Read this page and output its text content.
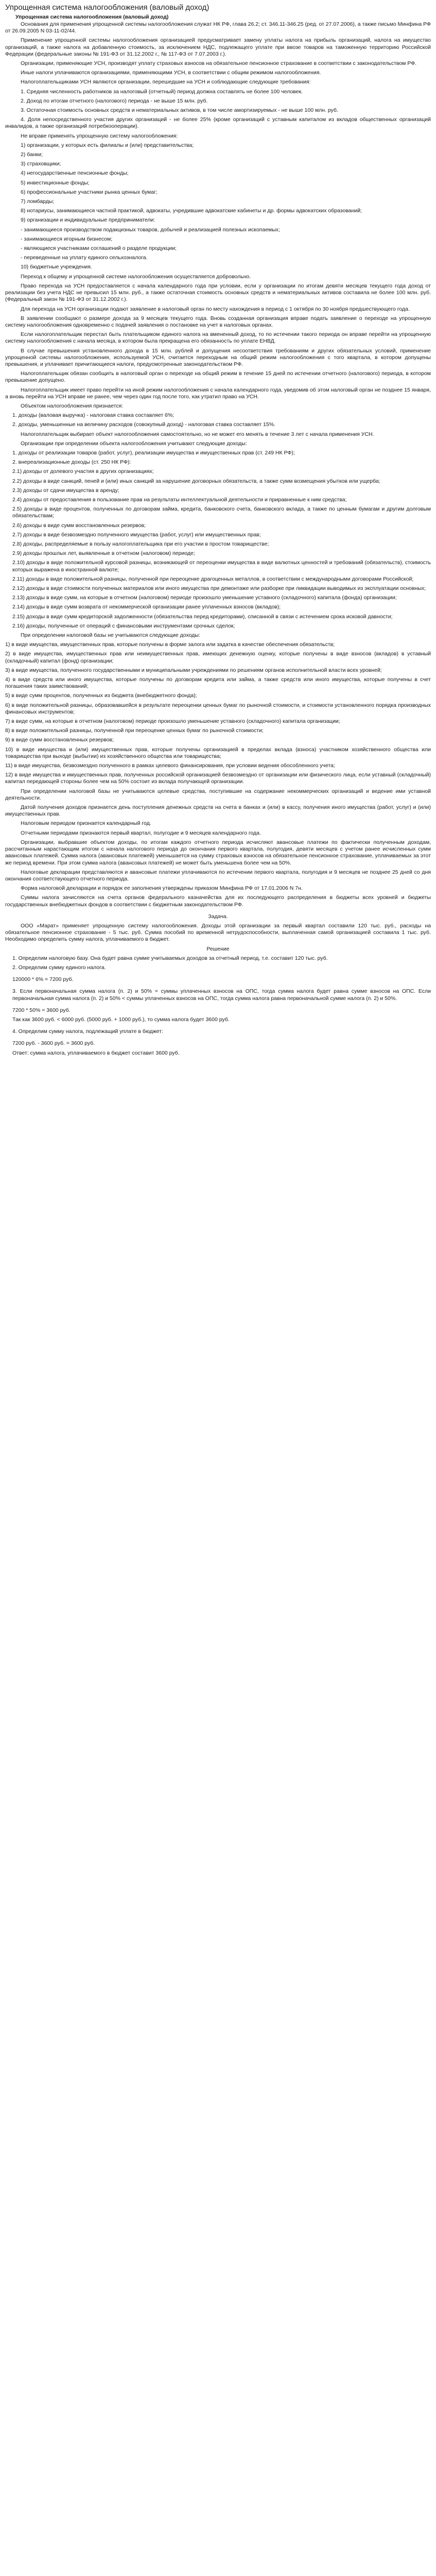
Упрощенная система налогообложения (валовый доход)
Упрощенная система налогообложения (валовый доход)

Основания для применения упрощенной системы налогообложения служат НК РФ, глава 26.2; ст. 346.11-346.25 (ред. от 27.07.2006), а также письмо Минфина РФ от 26.09.2005 N 03-11-02/44.

Применение упрощенной системы налогообложения организацией предусматривает замену уплаты налога на прибыль организаций, налога на имущество организаций, а также налога на добавленную стоимость, за исключением НДС, подлежащего уплате при ввозе товаров на таможенную территорию Российской Федерации (федеральные законы № 191-ФЗ от 31.12.2002 г., № 117-ФЗ от 7.07.2003 г.).

Организации, применяющие УСН, производят уплату страховых взносов на обязательное пенсионное страхование в соответствии с законодательством РФ.

Иные налоги уплачиваются организациями, применяющими УСН, в соответствии с общим режимом налогообложения.

Налогоплательщиками УСН являются организации, перешедшие на УСН и соблюдающие следующие требования:

1. Средняя численность работников за налоговый (отчетный) период должна составлять не более 100 человек.

2. Доход по итогам отчетного (налогового) периода - не выше 15 млн. руб.

3. Остаточная стоимость основных средств и нематериальных активов, в том числе амортизируемых - не выше 100 млн. руб.

4. Доля непосредственного участия других организаций - не более 25% (кроме организаций с уставным капиталом из вкладов общественных организаций инвалидов, а также организаций потребкооперации).

Не вправе применять упрощенную систему налогообложения:

1) организации, у которых есть филиалы и (или) представительства;

2) банки;

3) страховщики;

4) негосударственные пенсионные фонды;

5) инвестиционные фонды;

6) профессиональные участники рынка ценных бумаг;

7) ломбарды;

8) нотариусы, занимающиеся частной практикой, адвокаты, учредившие адвокатские кабинеты и др. формы адвокатских образований;

9) организации и индивидуальные предприниматели:

- занимающиеся производством подакцизных товаров, добычей и реализацией полезных ископаемых;

- занимающиеся игорным бизнесом;

- являющиеся участниками соглашений о разделе продукции;

- переведенные на уплату единого сельхозналога.

10) бюджетные учреждения.

Переход к общему и упрощенной системе налогообложения осуществляется добровольно.

Право перехода на УСН предоставляется с начала календарного года при условии, если у организации по итогам девяти месяцев текущего года доход от реализации без учета НДС не превысил 15 млн. руб., а также остаточная стоимость основных средств и нематериальных активов составила не более 100 млн. руб. (Федеральный закон № 191-ФЗ от 31.12.2002 г.).

Для перехода на УСН организации подают заявление в налоговый орган по месту нахождения в период с 1 октября по 30 ноября предшествующего года.

В заявлении сообщают о размере дохода за 9 месяцев текущего года. Вновь созданная организация вправе подать заявление о переходе на упрощенную систему налогообложения одновременно с подачей заявления о постановке на учет в налоговых органах.

Если налогоплательщик перестал быть плательщиком единого налога на вмененный доход, то по истечении такого периода он вправе перейти на упрощенную систему налогообложения с начала месяца, в котором была прекращена его обязанность по уплате ЕНВД.

В случае превышения установленного дохода в 15 млн. рублей и допущения несоответствия требованиям и других обязательных условий, применение упрощенной системы налогообложения, используемой УСН, считается переходным на общий режим налогообложения с того квартала, в котором допущены превышения, и уплачивает причитающиеся налоги, предусмотренные законодательством РФ.

Налогоплательщик обязан сообщить в налоговый орган о переходе на общий режим в течение 15 дней по истечении отчетного (налогового) периода, в котором превышение допущено.

Налогоплательщик имеет право перейти на иной режим налогообложения с начала календарного года, уведомив об этом налоговый орган не позднее 15 января, а вновь перейти на УСН вправе не ранее, чем через один год после того, как утратил право на УСН.

Объектом налогообложения признается:

1. доходы (валовая выручка) - налоговая ставка составляет 6%;

2. доходы, уменьшенные на величину расходов (совокупный доход) - налоговая ставка составляет 15%.

Налогоплательщик выбирает объект налогообложения самостоятельно, но не может его менять в течение 3 лет с начала применения УСН.

Организации при определении объекта налогообложения учитывают следующие доходы:

1. доходы от реализации товаров (работ, услуг), реализации имущества и имущественных прав (ст. 249 НК РФ);

2. внереализационные доходы (ст. 250 НК РФ):

2.1) доходы от долевого участия в других организациях;

2.2) доходы в виде санкций, пеней и (или) иных санкций за нарушение договорных обязательств, а также сумм возмещения убытков или ущерба;

2.3) доходы от сдачи имущества в аренду;

2.4) доходы от предоставления в пользование прав на результаты интеллектуальной деятельности и приравненные к ним средства;

2.5) доходы в виде процентов, полученных по договорам займа, кредита, банковского счета, банковского вклада, а также по ценным бумагам и другим долговым обязательствам;

2.6) доходы в виде сумм восстановленных резервов;

2.7) доходы в виде безвозмездно полученного имущества (работ, услуг) или имущественных прав;

2.8) доходы, распределяемые в пользу налогоплательщика при его участии в простом товариществе;

2.9) доходы прошлых лет, выявленные в отчетном (налоговом) периоде;

2.10) доходы в виде положительной курсовой разницы, возникающей от переоценки имущества в виде валютных ценностей и требований (обязательств), стоимость которых выражена в иностранной валюте;

2.11) доходы в виде положительной разницы, полученной при переоценке драгоценных металлов, в соответствии с международными договорами Российской;

2.12) доходы в виде стоимости полученных материалов или иного имущества при демонтаже или разборке при ликвидации выводимых из эксплуатации основных;

2.13) доходы в виде сумм, на которые в отчетном (налоговом) периоде произошло уменьшение уставного (складочного) капитала (фонда) организации;

2.14) доходы в виде сумм возврата от некоммерческой организации ранее уплаченных взносов (вкладов);

2.15) доходы в виде сумм кредиторской задолженности (обязательства перед кредиторами), списанной в связи с истечением срока исковой давности;

2.16) доходы, полученные от операций с финансовыми инструментами срочных сделок;

При определении налоговой базы не учитываются следующие доходы:

1) в виде имущества, имущественных прав, которые получены в форме залога или задатка в качестве обеспечения обязательств;

2) в виде имущества, имущественных прав или неимущественных прав, имеющих денежную оценку, которые получены в виде взносов (вкладов) в уставный (складочный) капитал (фонд) организации;

3) в виде имущества, полученного государственными и муниципальными учреждениями по решениям органов исполнительной власти всех уровней;

4) в виде средств или иного имущества, которые получены по договорам кредита или займа, а также средств или иного имущества, которые получены в счет погашения таких заимствований;

5) в виде сумм процентов, полученных из бюджета (внебюджетного фонда);

6) в виде положительной разницы, образовавшейся в результате переоценки ценных бумаг по рыночной стоимости, и стоимости установленного порядка производных финансовых инструментов;

7) в виде сумм, на которые в отчетном (налоговом) периоде произошло уменьшение уставного (складочного) капитала организации;

8) в виде положительной разницы, полученной при переоценке ценных бумаг по рыночной стоимости;

9) в виде сумм восстановленных резервов;

10) в виде имущества и (или) имущественных прав, которые получены организацией в пределах вклада (взноса) участником хозяйственного общества или товарищества при выходе (выбытии) из хозяйственного общества или товарищества;

11) в виде имущества, безвозмездно полученного в рамках целевого финансирования, при условии ведения обособленного учета;

12) в виде имущества и имущественных прав, полученных российской организацией безвозмездно от организации или физического лица, если уставный (складочный) капитал передающей стороны более чем на 50% состоит из вклада получающей организации.

При определении налоговой базы не учитываются целевые средства, поступившие на содержание некоммерческих организаций и ведение ими уставной деятельности.

Датой получения доходов признается день поступления денежных средств на счета в банках и (или) в кассу, получения иного имущества (работ, услуг) и (или) имущественных прав.

Налоговым периодом признается календарный год.

Отчетными периодами признаются первый квартал, полугодие и 9 месяцев календарного года.

Организации, выбравшие объектом доходы, по итогам каждого отчетного периода исчисляют авансовые платежи по фактически полученным доходам, рассчитанным нарастающим итогом с начала налогового периода до окончания первого квартала, полугодия, девяти месяцев с учетом ранее исчисленных сумм авансовых платежей. Сумма налога (авансовых платежей) уменьшается на сумму страховых взносов на обязательное пенсионное страхование, уплачиваемых за этот же период времени. При этом сумма налога (авансовых платежей) не может быть уменьшена более чем на 50%.

Налоговые декларации представляются и авансовые платежи уплачиваются по истечении первого квартала, полугодия и 9 месяцев не позднее 25 дней со дня окончания соответствующего отчетного периода.

Форма налоговой декларации и порядок ее заполнения утверждены приказом Минфина РФ от 17.01.2006 N 7н.

Суммы налога зачисляются на счета органов федерального казначейства для их последующего распределения в бюджеты всех уровней и бюджеты государственных внебюджетных фондов в соответствии с бюджетным законодательством РФ.

Задача.

ООО «Марат» применяет упрощенную систему налогообложения. Доходы этой организации за первый квартал составили 120 тыс. руб., расходы на обязательное пенсионное страхование - 5 тыс. руб. Сумма пособий по временной нетрудоспособности, выплаченная самой организацией составила 1 тыс. руб. Необходимо определить сумму налога, уплачиваемого в бюджет.

Решение

1. Определим налоговую базу. Она будет равна сумме учитываемых доходов за отчетный период, т.е. составит 120 тыс. руб.

2. Определим сумму единого налога.

120000 * 6% = 7200 руб.

3. Если первоначальная сумма налога (п. 2) и 50% = суммы уплаченных взносов на ОПС, тогда сумма налога будет равна сумме взносов на ОПС. Если первоначальная сумма налога (п. 2) и 50% < суммы уплаченных взносов на ОПС, тогда сумма налога равна первоначальной сумме налога (п. 2) и 50%.

7200 * 50% = 3600 руб.

Так как 3600 руб. < 6000 руб. (5000 руб. + 1000 руб.), то сумма налога будет 3600 руб.

4. Определим сумму налога, подлежащий уплате в бюджет:

7200 руб. - 3600 руб. = 3600 руб.

Ответ: сумма налога, уплачиваемого в бюджет составит 3600 руб.
